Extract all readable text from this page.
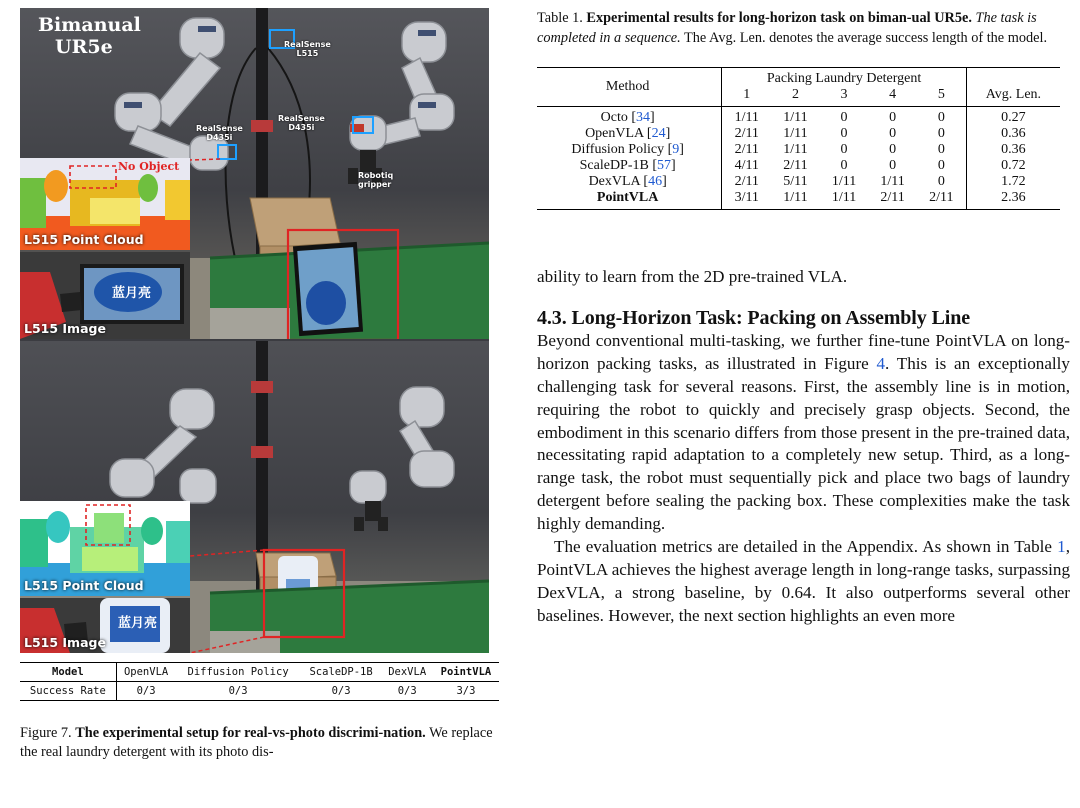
Bimanual
UR5e	RealSense
L515
RealSense
D435i
RealSense
D435i
Robotiq
gripper
No Object
L515 Point Cloud
蓝月亮
L515 Image
L515 Point Cloud
蓝月亮
L515 Image
Model	OpenVLA	Diffusion Policy	ScaleDP-1B	DexVLA	PointVLA
Success Rate	0/3	0/3	0/3	0/3	3/3
Figure 7. The experimental setup for real-vs-photo discrimi-nation. We replace the real laundry detergent with its photo dis-
Table 1. Experimental results for long-horizon task on biman-ual UR5e. The task is completed in a sequence. The Avg. Len. denotes the average success length of the model.
Method	Packing Laundry Detergent					Avg. Len.
	1	2	3	4	5	
Octo [34]	1/11	1/11	0	0	0	0.27
OpenVLA [24]	2/11	1/11	0	0	0	0.36
Diffusion Policy [9]	2/11	1/11	0	0	0	0.36
ScaleDP-1B [57]	4/11	2/11	0	0	0	0.72
DexVLA [46]	2/11	5/11	1/11	1/11	0	1.72
PointVLA	3/11	1/11	1/11	2/11	2/11	2.36
ability to learn from the 2D pre-trained VLA.
4.3. Long-Horizon Task: Packing on Assembly Line

Beyond conventional multi-tasking, we further fine-tune PointVLA on long-horizon packing tasks, as illustrated in Figure 4. This is an exceptionally challenging task for several reasons. First, the assembly line is in motion, requiring the robot to quickly and precisely grasp objects. Second, the embodiment in this scenario differs from those present in the pre-trained data, necessitating rapid adaptation to a completely new setup. Third, as a long-range task, the robot must sequentially pick and place two bags of laundry detergent before sealing the packing box. These complexities make the task highly demanding.

The evaluation metrics are detailed in the Appendix. As shown in Table 1, PointVLA achieves the highest average length in long-range tasks, surpassing DexVLA, a strong baseline, by 0.64. It also outperforms several other baselines. However, the next section highlights an even more
